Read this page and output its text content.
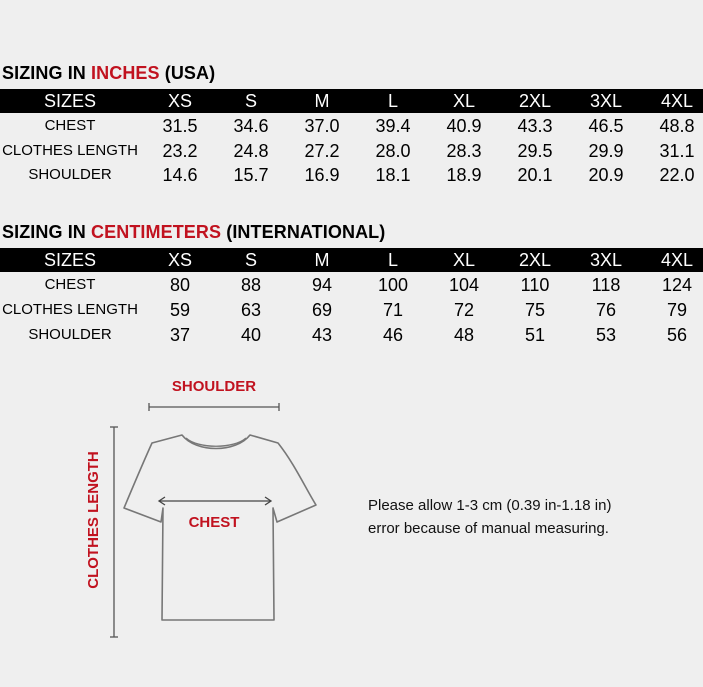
SIZING IN INCHES (USA)
SIZES	XS	S	M	L	XL	2XL	3XL	4XL
CHEST	31.5	34.6	37.0	39.4	40.9	43.3	46.5	48.8
CLOTHES LENGTH	23.2	24.8	27.2	28.0	28.3	29.5	29.9	31.1
SHOULDER	14.6	15.7	16.9	18.1	18.9	20.1	20.9	22.0
SIZING IN CENTIMETERS (INTERNATIONAL)
SIZES	XS	S	M	L	XL	2XL	3XL	4XL
CHEST	80	88	94	100	104	110	118	124
CLOTHES LENGTH	59	63	69	71	72	75	76	79
SHOULDER	37	40	43	46	48	51	53	56
SHOULDER
CHEST
CLOTHES LENGTH	Please allow 1-3 cm (0.39 in-1.18 in)
error because of manual measuring.
